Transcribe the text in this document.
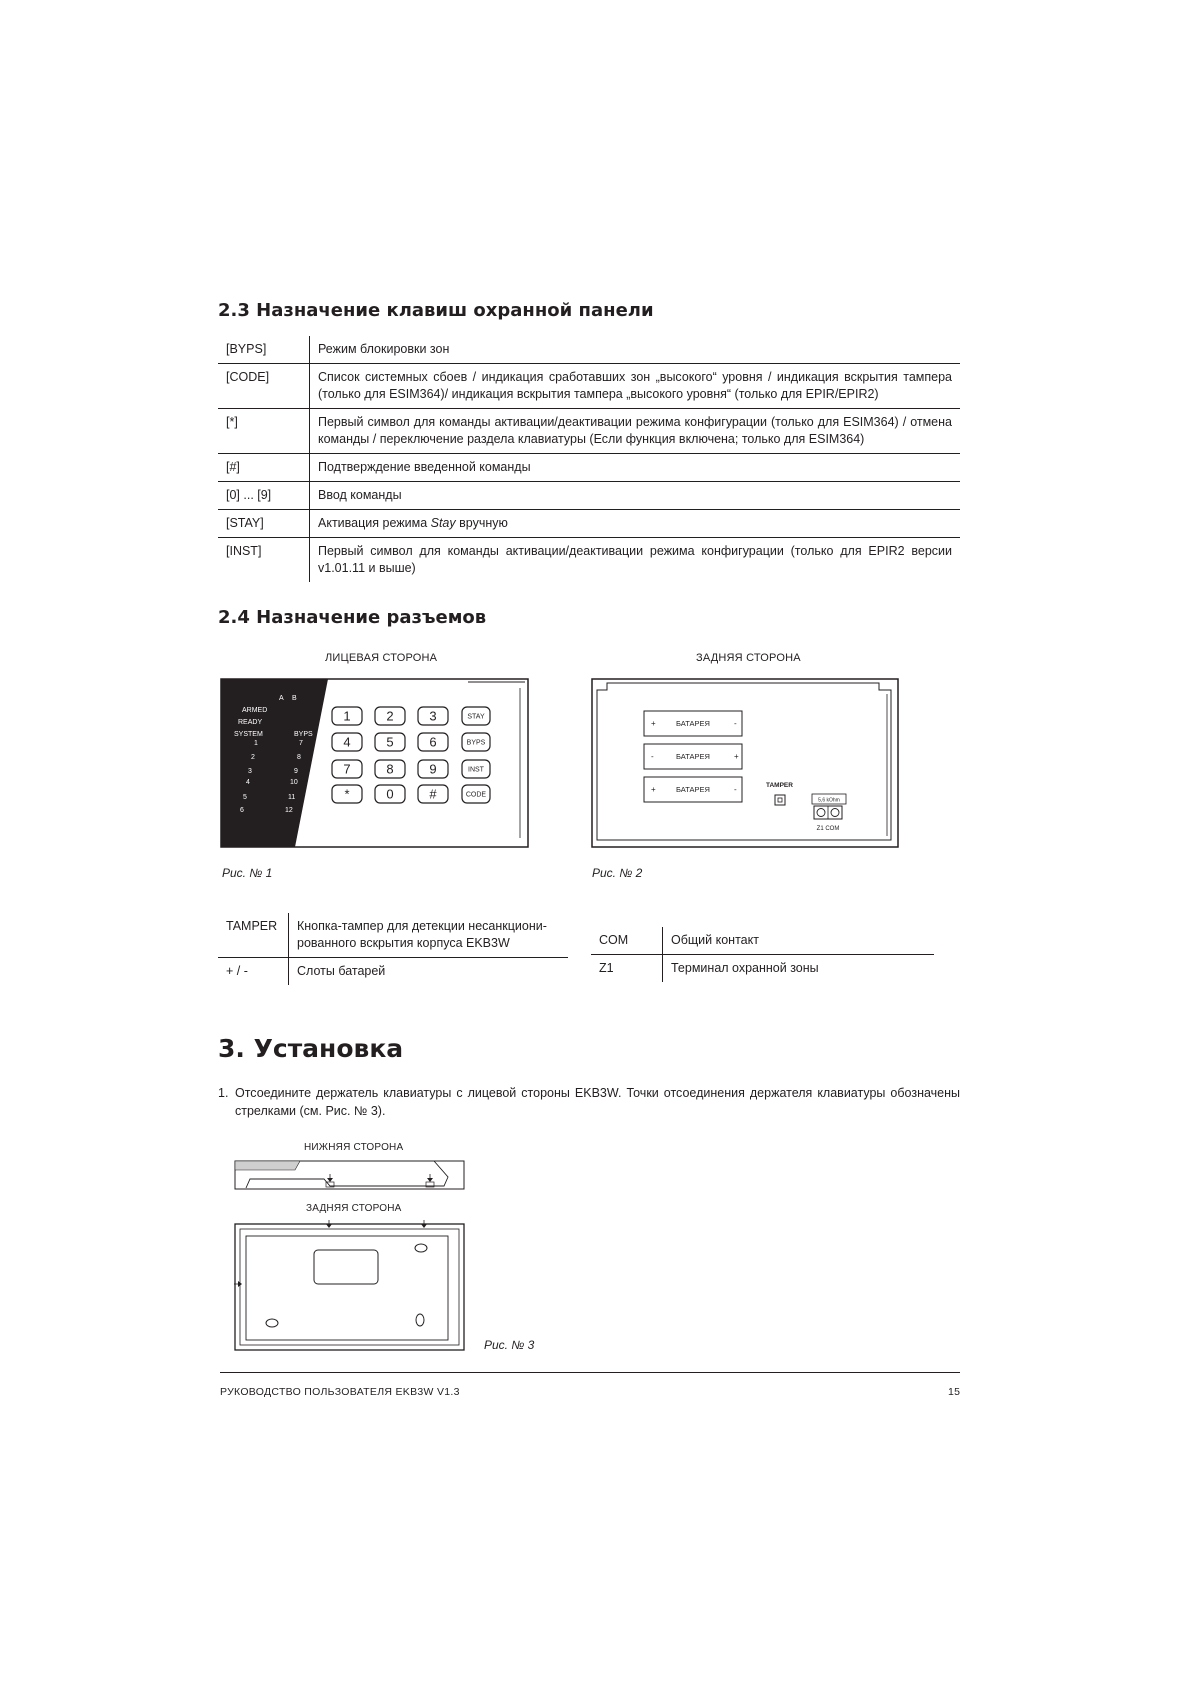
2.3 Назначение клавиш охранной панели
[BYPS]	Режим блокировки зон
[CODE]	Список системных сбоев / индикация сработавших зон „высокого“ уровня / индикация вскрытия тампера (только для ESIM364)/ индикация вскрытия тампера „высокого уровня“ (только для EPIR/EPIR2)
[*]	Первый символ для команды активации/деактивации режима конфигурации (только для ESIM364) / отмена команды / переключение раздела клавиатуры (Если функция включена; только для ESIM364)
[#]	Подтверждение введенной команды
[0] ... [9]	Ввод команды
[STAY]	Активация режима Stay вручную
[INST]	Первый символ для команды активации/деактивации режима конфигурации (только для EPIR2 версии v1.01.11 и выше)
2.4 Назначение разъемов
ЛИЦЕВАЯ СТОРОНА	ЗАДНЯЯ СТОРОНА
A B
ARMED
READY
SYSTEM	BYPS
1
2
3
4
5
6
7
8
9
10
11
12
1	2	3	STAY
4	5	6	BYPS
7	8	9	INST
*	0	#	CODE
+	БАТАРЕЯ	-
-	БАТАРЕЯ	+
+	БАТАРЕЯ	-	TAMPER
5,6 kOhm
Z1 COM
Рис. № 1	Рис. № 2
TAMPER	Кнопка-тампер для детекции несанкциони-рованного вскрытия корпуса EKB3W
+ / -	Слоты батарей
COM	Общий контакт
Z1	Терминал охранной зоны
3. Установка
1. Отсоедините держатель клавиатуры с лицевой стороны EKB3W. Точки отсоединения держателя клавиатуры обозначены стрелками (см. Рис. № 3).
НИЖНЯЯ СТОРОНА
ЗАДНЯЯ СТОРОНА
Рис. № 3
РУКОВОДСТВО ПОЛЬЗОВАТЕЛЯ EKB3W V1.3	15
